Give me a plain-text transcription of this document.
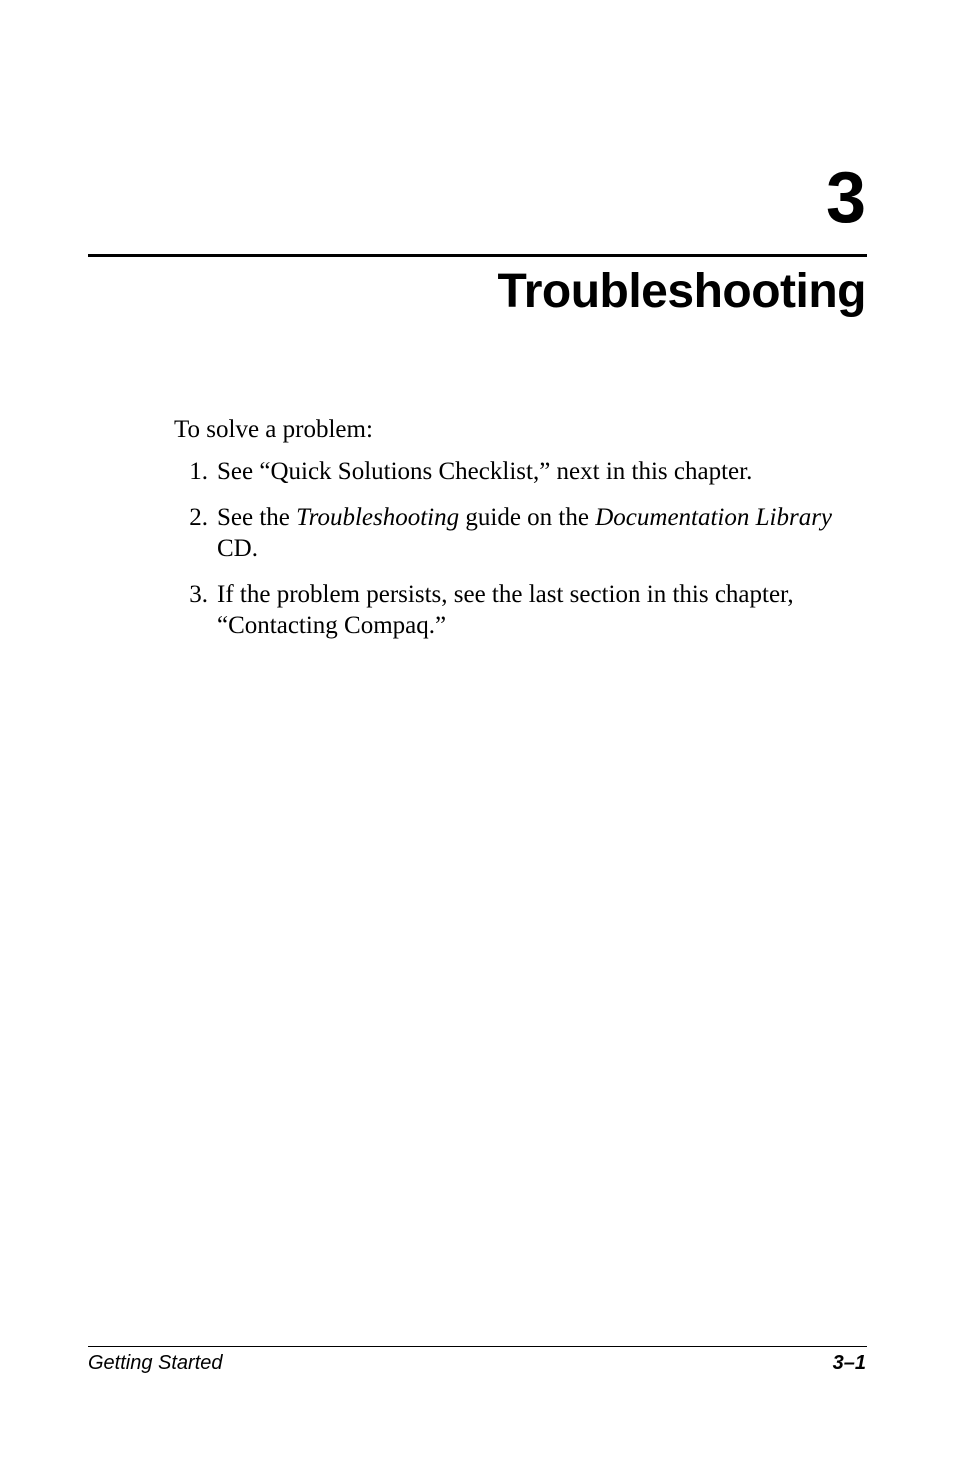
3
Troubleshooting

To solve a problem:

1. See “Quick Solutions Checklist,” next in this chapter.
2. See the Troubleshooting guide on the Documentation Library
CD.
3. If the problem persists, see the last section in this chapter, “Contacting Compaq.”
Getting Started	3–1
